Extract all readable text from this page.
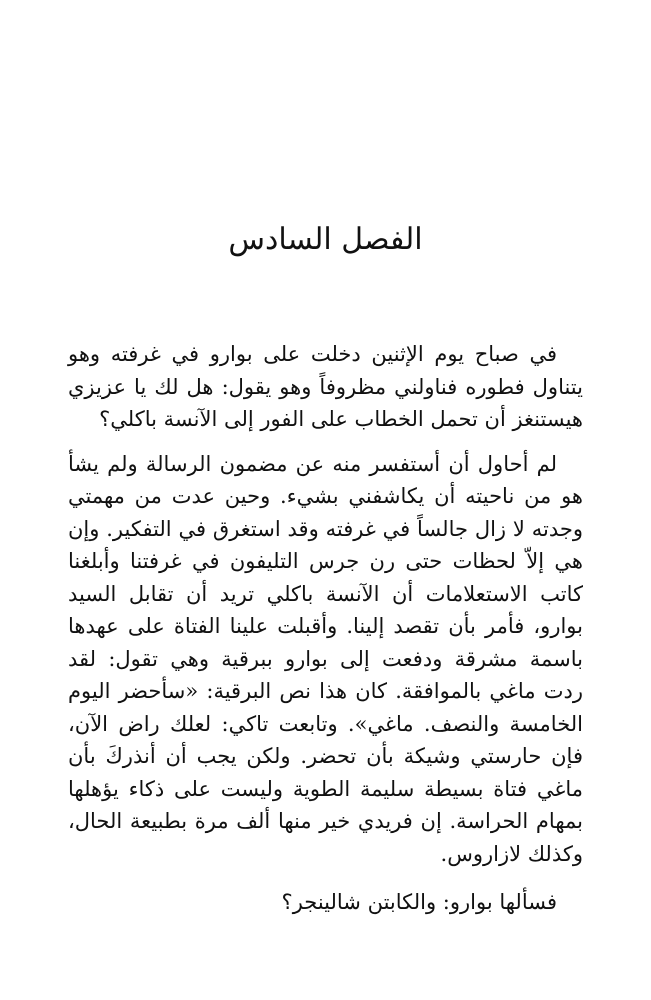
الفصل السادس

في صباح يوم الإثنين دخلت على بوارو في غرفته وهو يتناول فطوره فناولني مظروفاً وهو يقول: هل لك يا عزيزي هيستنغز أن تحمل الخطاب على الفور إلى الآنسة باكلي؟

لم أحاول أن أستفسر منه عن مضمون الرسالة ولم يشأ هو من ناحيته أن يكاشفني بشيء. وحين عدت من مهمتي وجدته لا زال جالساً في غرفته وقد استغرق في التفكير. وإن هي إلاّ لحظات حتى رن جرس التليفون في غرفتنا وأبلغنا كاتب الاستعلامات أن الآنسة باكلي تريد أن تقابل السيد بوارو، فأمر بأن تقصد إلينا. وأقبلت علينا الفتاة على عهدها باسمة مشرقة ودفعت إلى بوارو ببرقية وهي تقول: لقد ردت ماغي بالموافقة. كان هذا نص البرقية: «سأحضر اليوم الخامسة والنصف. ماغي». وتابعت تاكي: لعلك راض الآن، فإن حارستي وشيكة بأن تحضر. ولكن يجب أن أنذركَ بأن ماغي فتاة بسيطة سليمة الطوية وليست على ذكاء يؤهلها بمهام الحراسة. إن فريدي خير منها ألف مرة بطبيعة الحال، وكذلك لازاروس.

فسألها بوارو: والكابتن شالينجر؟
